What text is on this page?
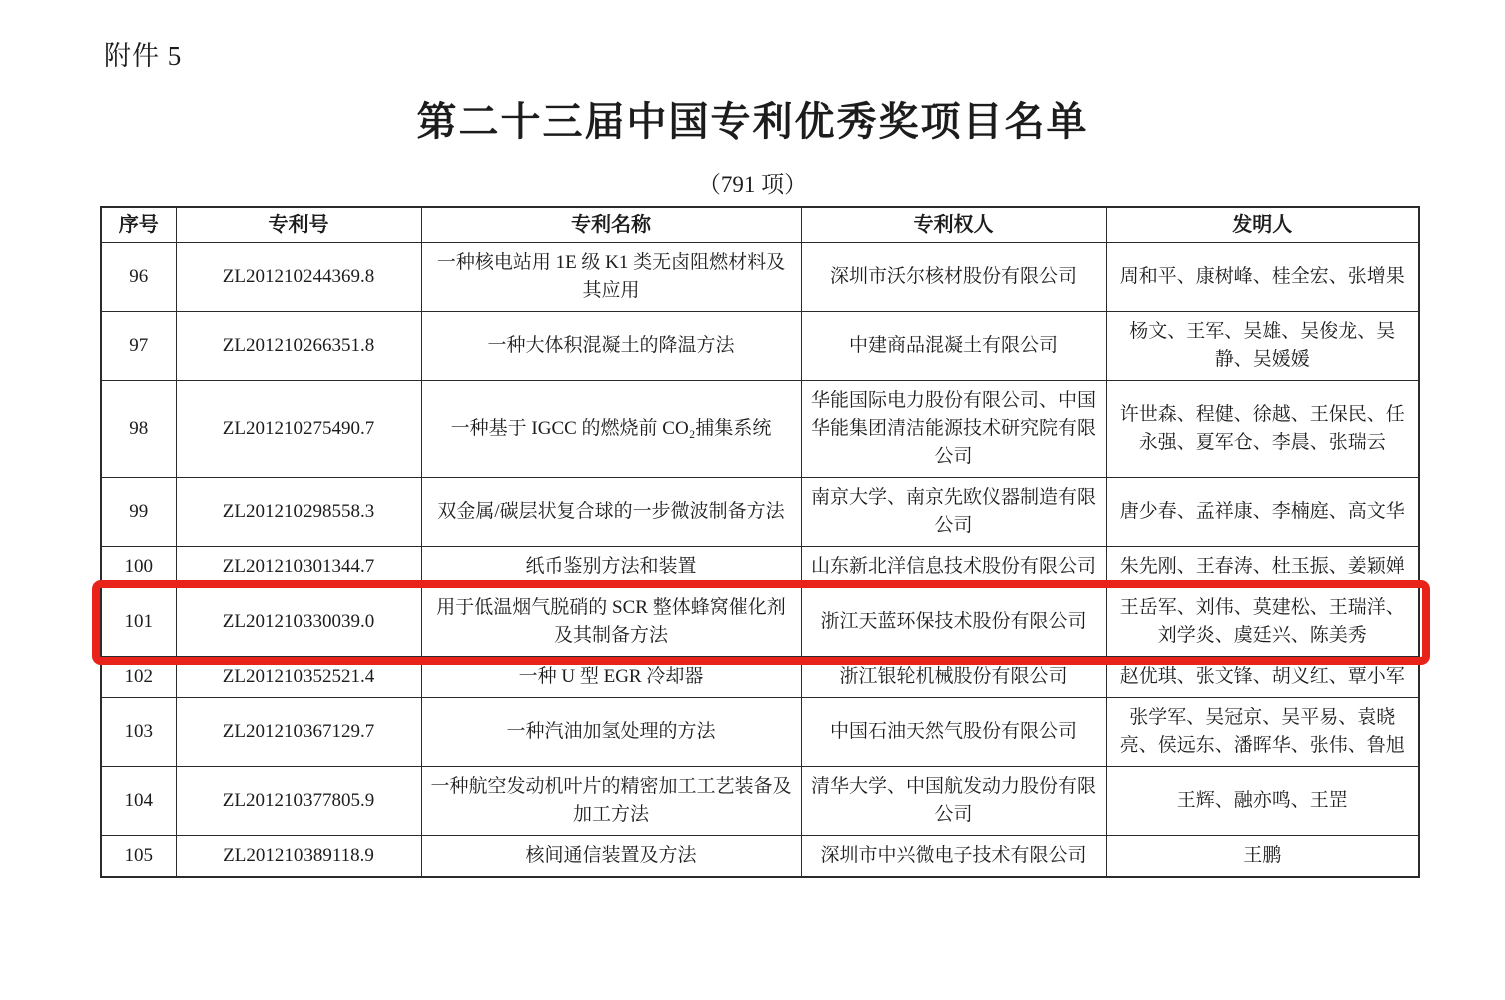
附件 5
第二十三届中国专利优秀奖项目名单
（791 项）
序号	专利号	专利名称	专利权人	发明人
96	ZL201210244369.8	一种核电站用 1E 级 K1 类无卤阻燃材料及其应用	深圳市沃尔核材股份有限公司	周和平、康树峰、桂全宏、张增果
97	ZL201210266351.8	一种大体积混凝土的降温方法	中建商品混凝土有限公司	杨文、王军、吴雄、吴俊龙、吴静、吴媛媛
98	ZL201210275490.7	一种基于 IGCC 的燃烧前 CO₂捕集系统	华能国际电力股份有限公司、中国华能集团清洁能源技术研究院有限公司	许世森、程健、徐越、王保民、任永强、夏军仓、李晨、张瑞云
99	ZL201210298558.3	双金属/碳层状复合球的一步微波制备方法	南京大学、南京先欧仪器制造有限公司	唐少春、孟祥康、李楠庭、高文华
100	ZL201210301344.7	纸币鉴别方法和装置	山东新北洋信息技术股份有限公司	朱先刚、王春涛、杜玉振、姜颖婵
101	ZL201210330039.0	用于低温烟气脱硝的 SCR 整体蜂窝催化剂及其制备方法	浙江天蓝环保技术股份有限公司	王岳军、刘伟、莫建松、王瑞洋、刘学炎、虞廷兴、陈美秀
102	ZL201210352521.4	一种 U 型 EGR 冷却器	浙江银轮机械股份有限公司	赵优琪、张文锋、胡义红、覃小军
103	ZL201210367129.7	一种汽油加氢处理的方法	中国石油天然气股份有限公司	张学军、吴冠京、吴平易、袁晓亮、侯远东、潘晖华、张伟、鲁旭
104	ZL201210377805.9	一种航空发动机叶片的精密加工工艺装备及加工方法	清华大学、中国航发动力股份有限公司	王辉、融亦鸣、王罡
105	ZL201210389118.9	核间通信装置及方法	深圳市中兴微电子技术有限公司	王鹏
